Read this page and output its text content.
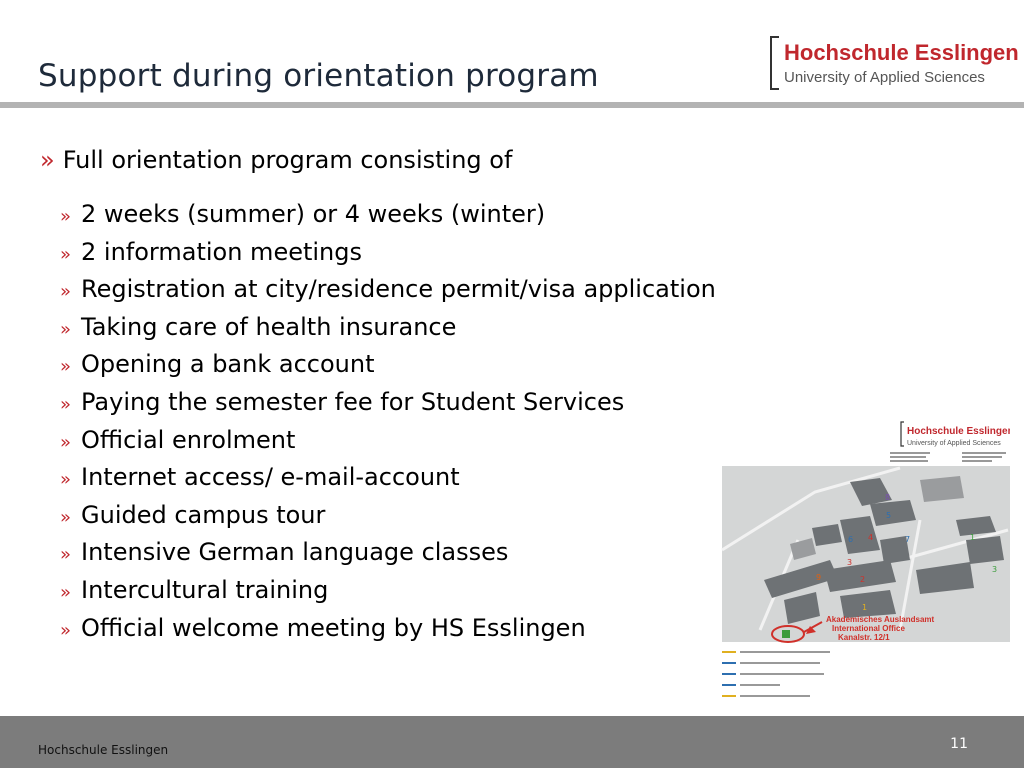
Support during orientation program
Hochschule Esslingen
University of Applied Sciences
» Full orientation program consisting of
» 2 weeks (summer) or 4 weeks (winter)
» 2 information meetings
» Registration at city/residence permit/visa application
» Taking care of health insurance
» Opening a bank account
» Paying the semester fee for Student Services
» Official enrolment
» Internet access/ e-mail-account
» Guided campus tour
» Intensive German language classes
» Intercultural training
» Official welcome meeting by HS Esslingen
Hochschule Esslingen
University of Applied Sciences
8
5
6 4	7
3
2
1
9
1
3
Akademisches Auslandsamt
International Office
Kanalstr. 12/1
Hochschule Esslingen	11
